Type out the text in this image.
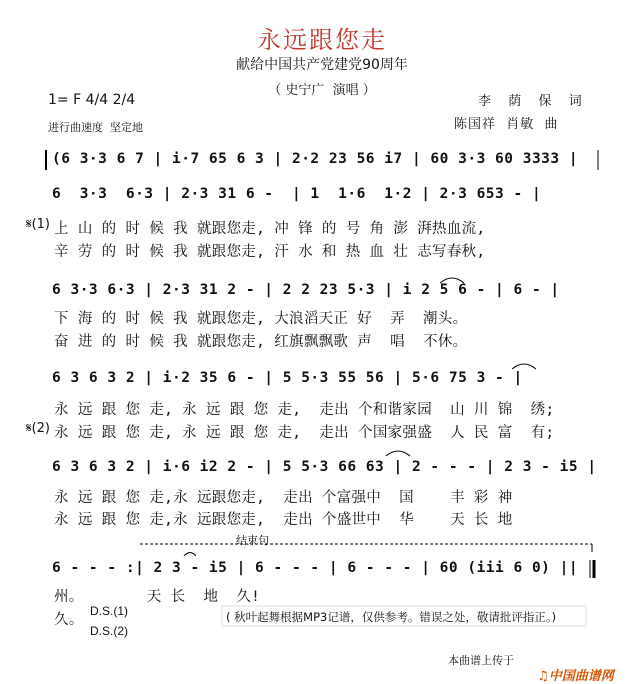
永远跟您走
献给中国共产党建党90周年
（ 史宁广  演唱 ）
1= F 4/4 2/4
进行曲速度  坚定地
李  荫  保  词
陈国祥  肖敏  曲
(6 3·3 6 7 | i·7 65 6 3 | 2·2 23 56 i7 | 60 3·3 60 3333 |
6  3·3  6·3 | 2·3 31 6 -  | 1  1·6  1·2 | 2·3 653 - |
𝄋(1) 上 山 的 时 候 我 就跟您走, 冲 锋 的 号 角 澎 湃热血流,
辛 劳 的 时 候 我 就跟您走, 汗 水 和 热 血 壮 志写春秋,
6 3·3 6·3 | 2·3 31 2 - | 2 2 23 5·3 | i 2 5 6 - | 6 - |
下 海 的 时 候 我 就跟您走, 大浪滔天正 好  弄  潮头。
奋 进 的 时 候 我 就跟您走, 红旗飘飘歌 声  唱  不休。
6 3 6 3 2 | i·2 35 6 - | 5 5·3 55 56 | 5·6 75 3 - |
永 远 跟 您 走, 永 远 跟 您 走,  走出 个和谐家园  山 川 锦  绣;
𝄋(2) 永 远 跟 您 走, 永 远 跟 您 走,  走出 个国家强盛  人 民 富  有;
6 3 6 3 2 | i·6 i2 2 - | 5 5·3 66 63 | 2 - - - | 2 3 - i5 |
永 远 跟 您 走,永 远跟您走,  走出 个富强中  国    丰 彩 神
永 远 跟 您 走,永 远跟您走,  走出 个盛世中  华    天 长 地
结束句
6 - - - :| 2 3 - i5 | 6 - - - | 6 - - - | 60 (iii 6 0) ||
州。       天 长  地  久!
久。
D.S.(1)
D.S.(2)
( 秋叶起舞根据MP3记谱，仅供参考。错误之处，敬请批评指正。)
本曲谱上传于

♫中国曲谱网
